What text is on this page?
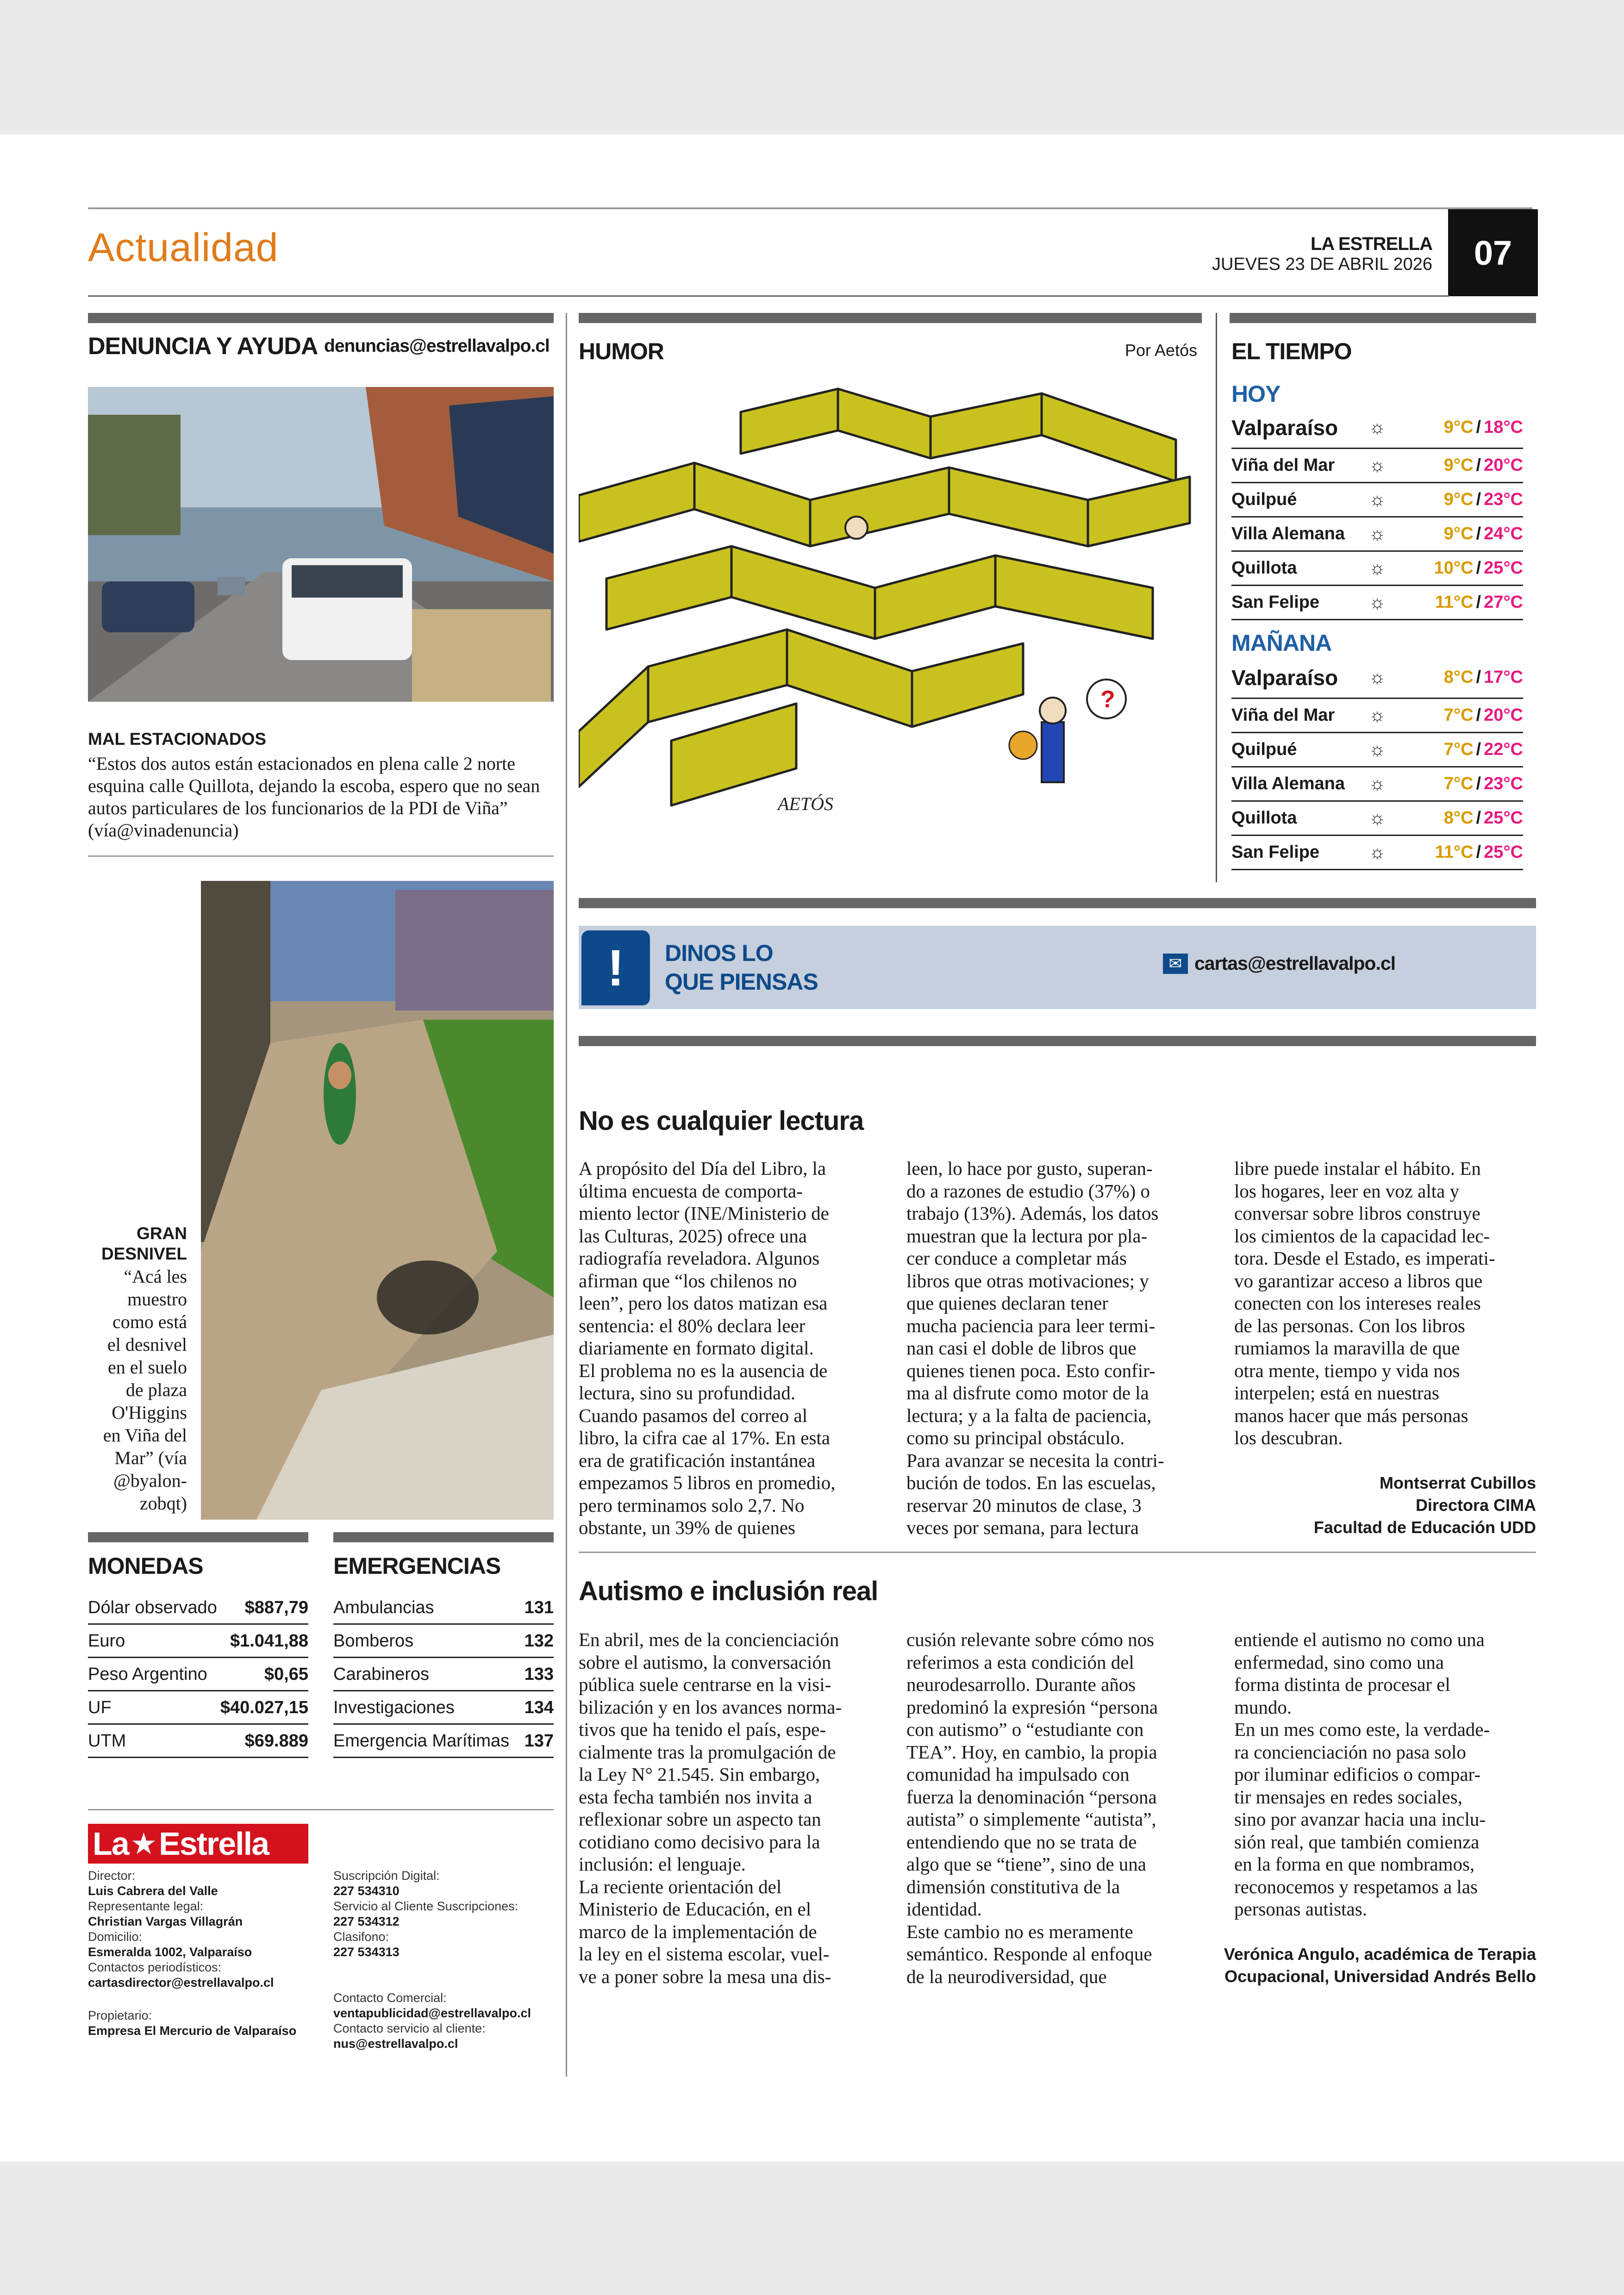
Actualidad	LA ESTRELLA
JUEVES 23 DE ABRIL 2026	07
DENUNCIA Y AYUDA denuncias@estrellavalpo.cl
MAL ESTACIONADOS
“Estos dos autos están estacionados en plena calle 2 norte esquina calle Quillota, dejando la escoba, espero que no sean autos particulares de los funcionarios de la PDI de Viña” (vía@vinadenuncia)
GRAN
DESNIVEL
“Acá les
muestro
como está
el desnivel
en el suelo
de plaza
O'Higgins
en Viña del
Mar” (vía
@byalon-
zobqt)
MONEDAS	EMERGENCIAS
Dólar observado $887,79
Euro	$1.041,88
Peso Argentino	$0,65
UF	$40.027,15
UTM	$69.889
Ambulancias	131
Bomberos	132
Carabineros	133
Investigaciones	134
Emergencia Marítimas 137
La ★ Estrella
Director:
Luis Cabrera del Valle
Representante legal:
Christian Vargas Villagrán
Domicilio:
Esmeralda 1002, Valparaíso
Contactos periodísticos:
cartasdirector@estrellavalpo.cl
Propietario:
Empresa El Mercurio de Valparaíso
Suscripción Digital:
227 534310
Servicio al Cliente Suscripciones:
227 534312
Clasifono:
227 534313
Contacto Comercial:
ventapublicidad@estrellavalpo.cl
Contacto servicio al cliente:
nus@estrellavalpo.cl
HUMOR	Por Aetós
?
AETÓS
EL TIEMPO
HOY
MAÑANA
Valparaíso	☼	9°C / 18°C
Viña del Mar	☼	9°C / 20°C
Quilpué	☼	9°C / 23°C
Villa Alemana	☼	9°C / 24°C
Quillota	☼	10°C / 25°C
San Felipe	☼	11°C / 27°C
Valparaíso	☼	8°C / 17°C
Viña del Mar	☼	7°C / 20°C
Quilpué	☼	7°C / 22°C
Villa Alemana	☼	7°C / 23°C
Quillota	☼	8°C / 25°C
San Felipe	☼	11°C / 25°C
!	DINOS LO
QUE PIENSAS
✉ cartas@estrellavalpo.cl
No es cualquier lectura
A propósito del Día del Libro, la
última encuesta de comporta-
miento lector (INE/Ministerio de
las Culturas, 2025) ofrece una
radiografía reveladora. Algunos
afirman que “los chilenos no
leen”, pero los datos matizan esa
sentencia: el 80% declara leer
diariamente en formato digital.
El problema no es la ausencia de
lectura, sino su profundidad.
Cuando pasamos del correo al
libro, la cifra cae al 17%. En esta
era de gratificación instantánea
empezamos 5 libros en promedio,
pero terminamos solo 2,7. No
obstante, un 39% de quienes
leen, lo hace por gusto, superan-
do a razones de estudio (37%) o
trabajo (13%). Además, los datos
muestran que la lectura por pla-
cer conduce a completar más
libros que otras motivaciones; y
que quienes declaran tener
mucha paciencia para leer termi-
nan casi el doble de libros que
quienes tienen poca. Esto confir-
ma al disfrute como motor de la
lectura; y a la falta de paciencia,
como su principal obstáculo.
Para avanzar se necesita la contri-
bución de todos. En las escuelas,
reservar 20 minutos de clase, 3
veces por semana, para lectura
libre puede instalar el hábito. En
los hogares, leer en voz alta y
conversar sobre libros construye
los cimientos de la capacidad lec-
tora. Desde el Estado, es imperati-
vo garantizar acceso a libros que
conecten con los intereses reales
de las personas. Con los libros
rumiamos la maravilla de que
otra mente, tiempo y vida nos
interpelen; está en nuestras
manos hacer que más personas
los descubran.
Montserrat Cubillos
Directora CIMA
Facultad de Educación UDD
Autismo e inclusión real
En abril, mes de la concienciación
sobre el autismo, la conversación
pública suele centrarse en la visi-
bilización y en los avances norma-
tivos que ha tenido el país, espe-
cialmente tras la promulgación de
la Ley N° 21.545. Sin embargo,
esta fecha también nos invita a
reflexionar sobre un aspecto tan
cotidiano como decisivo para la
inclusión: el lenguaje.
La reciente orientación del
Ministerio de Educación, en el
marco de la implementación de
la ley en el sistema escolar, vuel-
ve a poner sobre la mesa una dis-
cusión relevante sobre cómo nos
referimos a esta condición del
neurodesarrollo. Durante años
predominó la expresión “persona
con autismo” o “estudiante con
TEA”. Hoy, en cambio, la propia
comunidad ha impulsado con
fuerza la denominación “persona
autista” o simplemente “autista”,
entendiendo que no se trata de
algo que se “tiene”, sino de una
dimensión constitutiva de la
identidad.
Este cambio no es meramente
semántico. Responde al enfoque
de la neurodiversidad, que
entiende el autismo no como una
enfermedad, sino como una
forma distinta de procesar el
mundo.
En un mes como este, la verdade-
ra concienciación no pasa solo
por iluminar edificios o compar-
tir mensajes en redes sociales,
sino por avanzar hacia una inclu-
sión real, que también comienza
en la forma en que nombramos,
reconocemos y respetamos a las
personas autistas.
Verónica Angulo, académica de Terapia
Ocupacional, Universidad Andrés Bello
